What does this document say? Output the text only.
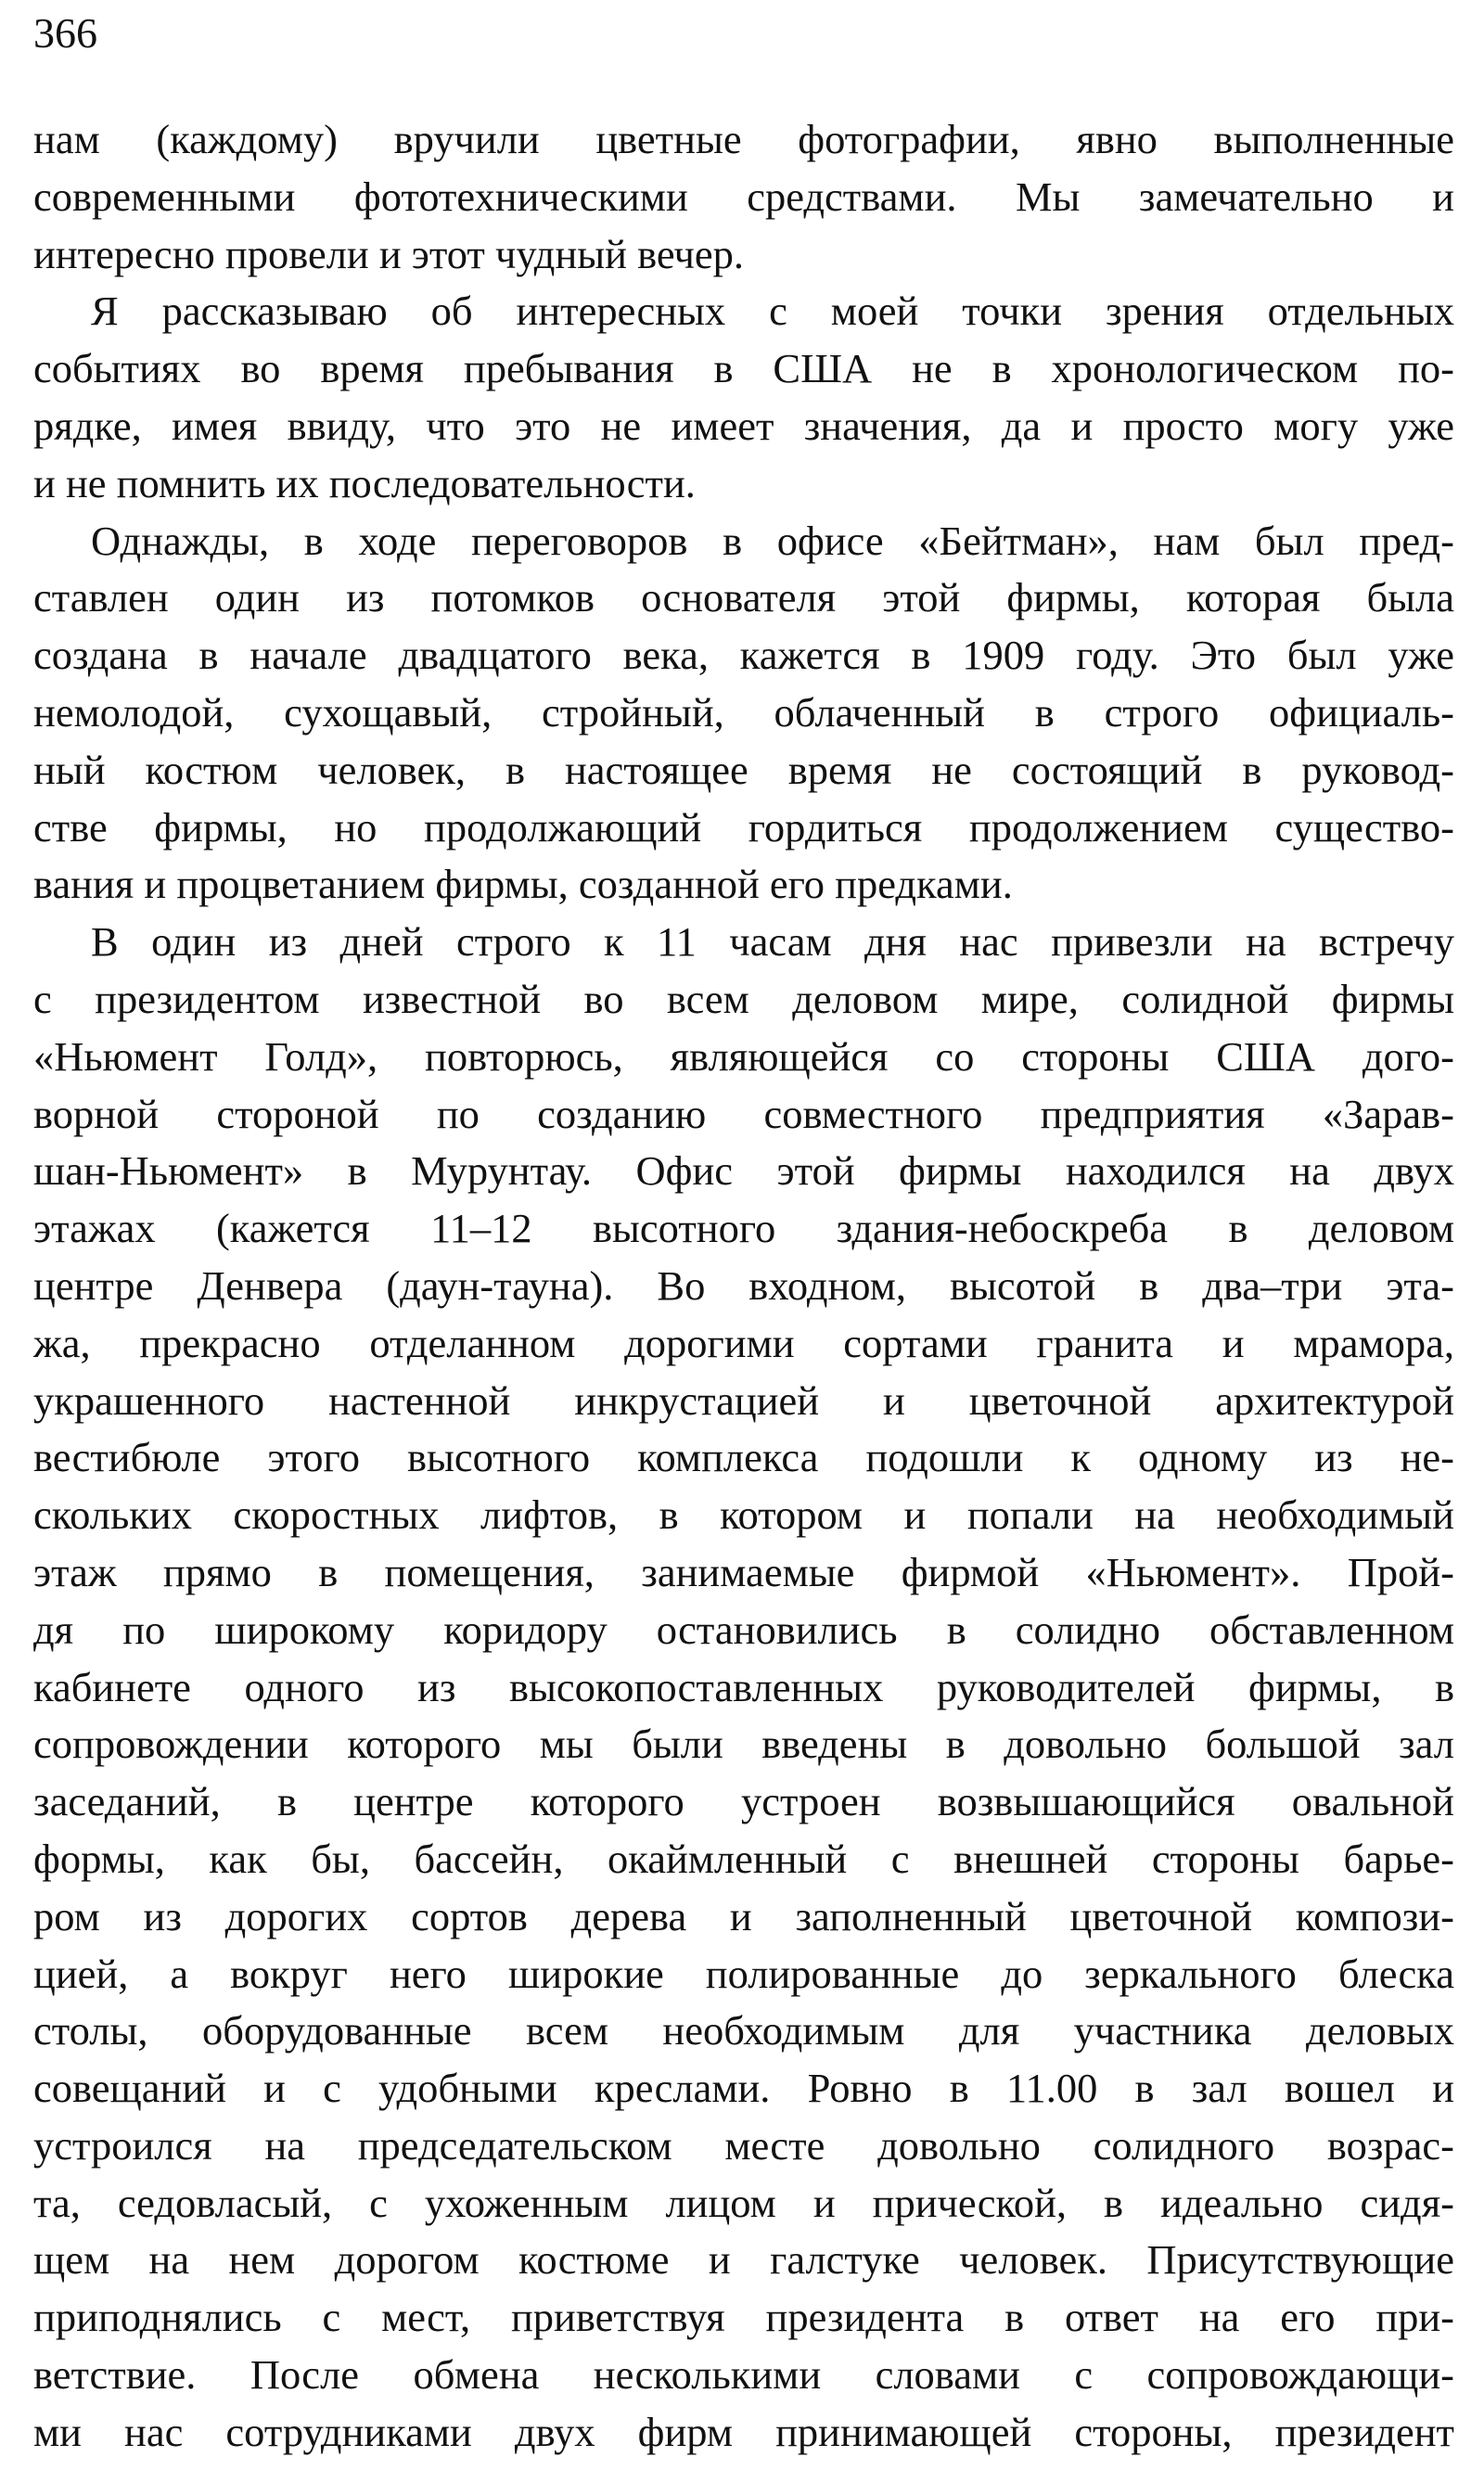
366
нам (каждому) вручили цветные фотографии, явно выполненные
современными фототехническими средствами. Мы замечательно и
интересно провели и этот чудный вечер.
Я рассказываю об интересных с моей точки зрения отдельных
событиях во время пребывания в США не в хронологическом по-
рядке, имея ввиду, что это не имеет значения, да и просто могу уже
и не помнить их последовательности.
Однажды, в ходе переговоров в офисе «Бейтман», нам был пред-
ставлен один из потомков основателя этой фирмы, которая была
создана в начале двадцатого века, кажется в 1909 году. Это был уже
немолодой, сухощавый, стройный, облаченный в строго официаль-
ный костюм человек, в настоящее время не состоящий в руковод-
стве фирмы, но продолжающий гордиться продолжением существо-
вания и процветанием фирмы, созданной его предками.
В один из дней строго к 11 часам дня нас привезли на встречу
с президентом известной во всем деловом мире, солидной фирмы
«Ньюмент Голд», повторюсь, являющейся со стороны США дого-
ворной стороной по созданию совместного предприятия «Зарав-
шан-Ньюмент» в Мурунтау. Офис этой фирмы находился на двух
этажах (кажется 11–12 высотного здания-небоскреба в деловом
центре Денвера (даун-тауна). Во входном, высотой в два–три эта-
жа, прекрасно отделанном дорогими сортами гранита и мрамора,
украшенного настенной инкрустацией и цветочной архитектурой
вестибюле этого высотного комплекса подошли к одному из не-
скольких скоростных лифтов, в котором и попали на необходимый
этаж прямо в помещения, занимаемые фирмой «Ньюмент». Прой-
дя по широкому коридору остановились в солидно обставленном
кабинете одного из высокопоставленных руководителей фирмы, в
сопровождении которого мы были введены в довольно большой зал
заседаний, в центре которого устроен возвышающийся овальной
формы, как бы, бассейн, окаймленный с внешней стороны барье-
ром из дорогих сортов дерева и заполненный цветочной компози-
цией, а вокруг него широкие полированные до зеркального блеска
столы, оборудованные всем необходимым для участника деловых
совещаний и с удобными креслами. Ровно в 11.00 в зал вошел и
устроился на председательском месте довольно солидного возрас-
та, седовласый, с ухоженным лицом и прической, в идеально сидя-
щем на нем дорогом костюме и галстуке человек. Присутствующие
приподнялись с мест, приветствуя президента в ответ на его при-
ветствие. После обмена несколькими словами с сопровождающи-
ми нас сотрудниками двух фирм принимающей стороны, президент
